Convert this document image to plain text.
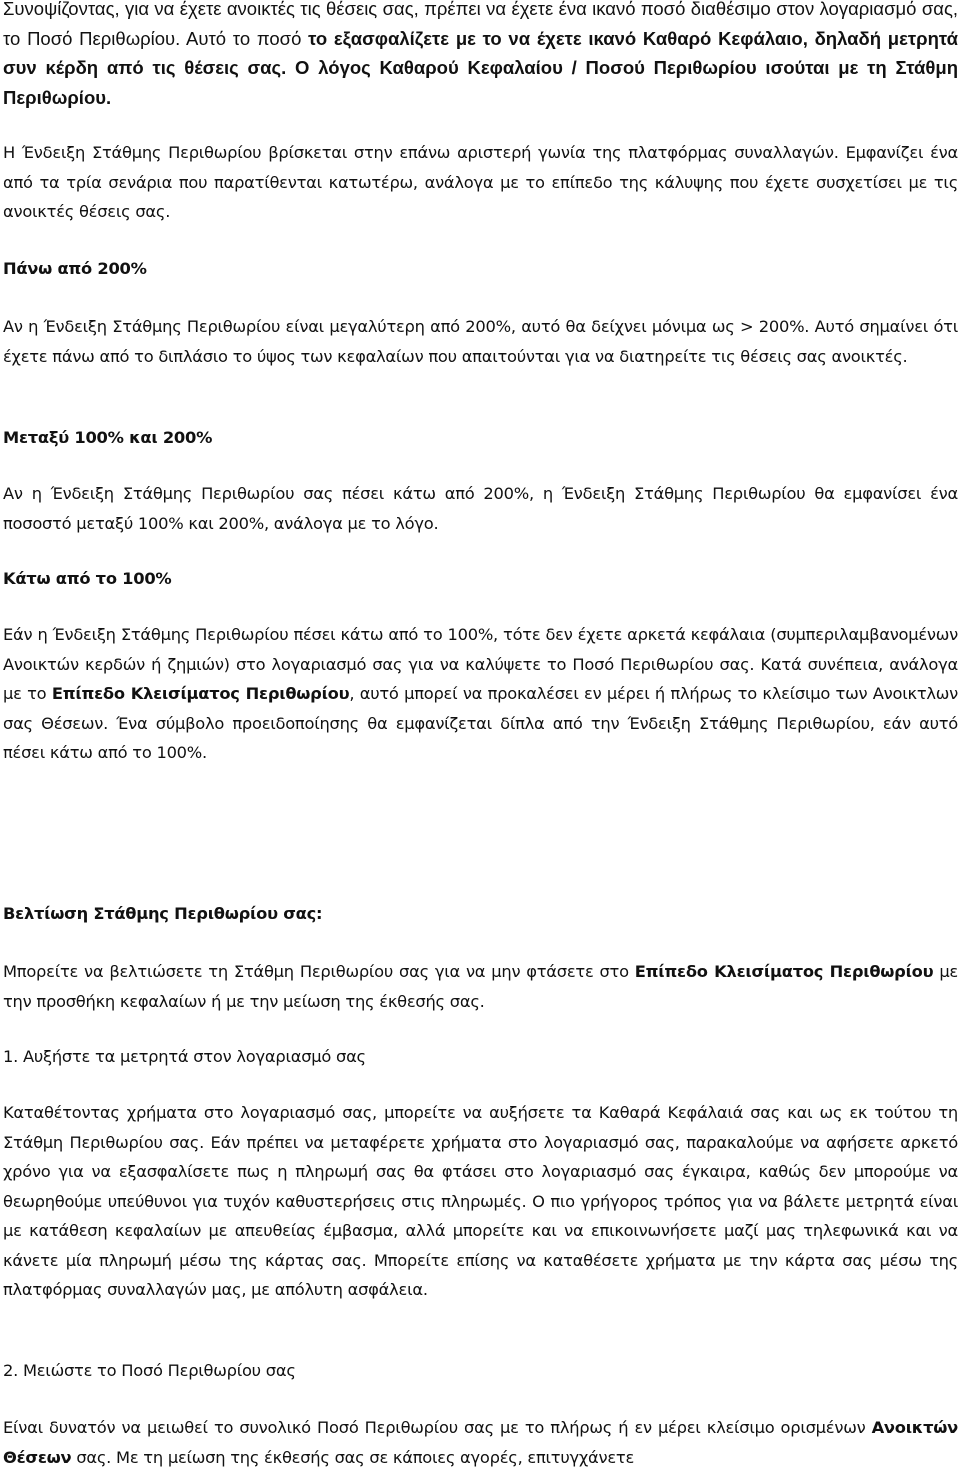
Συνοψίζοντας, για να έχετε ανοικτές τις θέσεις σας, πρέπει να έχετε ένα ικανό ποσό διαθέσιμο στον λογαριασμό σας, το Ποσό Περιθωρίου. Αυτό το ποσό το εξασφαλίζετε με το να έχετε ικανό Καθαρό Κεφάλαιο, δηλαδή μετρητά συν κέρδη από τις θέσεις σας. Ο λόγος Καθαρού Κεφαλαίου / Ποσού Περιθωρίου ισούται με τη Στάθμη Περιθωρίου.

Η Ένδειξη Στάθμης Περιθωρίου βρίσκεται στην επάνω αριστερή γωνία της πλατφόρμας συναλλαγών. Εμφανίζει ένα από τα τρία σενάρια που παρατίθενται κατωτέρω, ανάλογα με το επίπεδο της κάλυψης που έχετε συσχετίσει με τις ανοικτές θέσεις σας.

Πάνω από 200%

Αν η Ένδειξη Στάθμης Περιθωρίου είναι μεγαλύτερη από 200%, αυτό θα δείχνει μόνιμα ως > 200%. Αυτό σημαίνει ότι έχετε πάνω από το διπλάσιο το ύψος των κεφαλαίων που απαιτούνται για να διατηρείτε τις θέσεις σας ανοικτές.

Μεταξύ 100% και 200%

Αν η Ένδειξη Στάθμης Περιθωρίου σας πέσει κάτω από 200%, η Ένδειξη Στάθμης Περιθωρίου θα εμφανίσει ένα ποσοστό μεταξύ 100% και 200%, ανάλογα με το λόγο.

Κάτω από το 100%

Εάν η Ένδειξη Στάθμης Περιθωρίου πέσει κάτω από το 100%, τότε δεν έχετε αρκετά κεφάλαια (συμπεριλαμβανομένων Ανοικτών κερδών ή ζημιών) στο λογαριασμό σας για να καλύψετε το Ποσό Περιθωρίου σας. Κατά συνέπεια, ανάλογα με το Επίπεδο Κλεισίματος Περιθωρίου, αυτό μπορεί να προκαλέσει εν μέρει ή πλήρως το κλείσιμο των Ανοικτλων σας Θέσεων. Ένα σύμβολο προειδοποίησης θα εμφανίζεται δίπλα από την Ένδειξη Στάθμης Περιθωρίου, εάν αυτό πέσει κάτω από το 100%.

Βελτίωση Στάθμης Περιθωρίου σας:

Μπορείτε να βελτιώσετε τη Στάθμη Περιθωρίου σας για να μην φτάσετε στο Επίπεδο Κλεισίματος Περιθωρίου με την προσθήκη κεφαλαίων ή με την μείωση της έκθεσής σας.

1. Αυξήστε τα μετρητά στον λογαριασμό σας

Καταθέτοντας χρήματα στο λογαριασμό σας, μπορείτε να αυξήσετε τα Καθαρά Κεφάλαιά σας και ως εκ τούτου τη Στάθμη Περιθωρίου σας. Εάν πρέπει να μεταφέρετε χρήματα στο λογαριασμό σας, παρακαλούμε να αφήσετε αρκετό χρόνο για να εξασφαλίσετε πως η πληρωμή σας θα φτάσει στο λογαριασμό σας έγκαιρα, καθώς δεν μπορούμε να θεωρηθούμε υπεύθυνοι για τυχόν καθυστερήσεις στις πληρωμές. Ο πιο γρήγορος τρόπος για να βάλετε μετρητά είναι με κατάθεση κεφαλαίων με απευθείας έμβασμα, αλλά μπορείτε και να επικοινωνήσετε μαζί μας τηλεφωνικά και να κάνετε μία πληρωμή μέσω της κάρτας σας. Μπορείτε επίσης να καταθέσετε χρήματα με την κάρτα σας μέσω της πλατφόρμας συναλλαγών μας, με απόλυτη ασφάλεια.

2. Μειώστε το Ποσό Περιθωρίου σας

Είναι δυνατόν να μειωθεί το συνολικό Ποσό Περιθωρίου σας με το πλήρως ή εν μέρει κλείσιμο ορισμένων Ανοικτών Θέσεων σας. Με τη μείωση της έκθεσής σας σε κάποιες αγορές, επιτυγχάνετε
